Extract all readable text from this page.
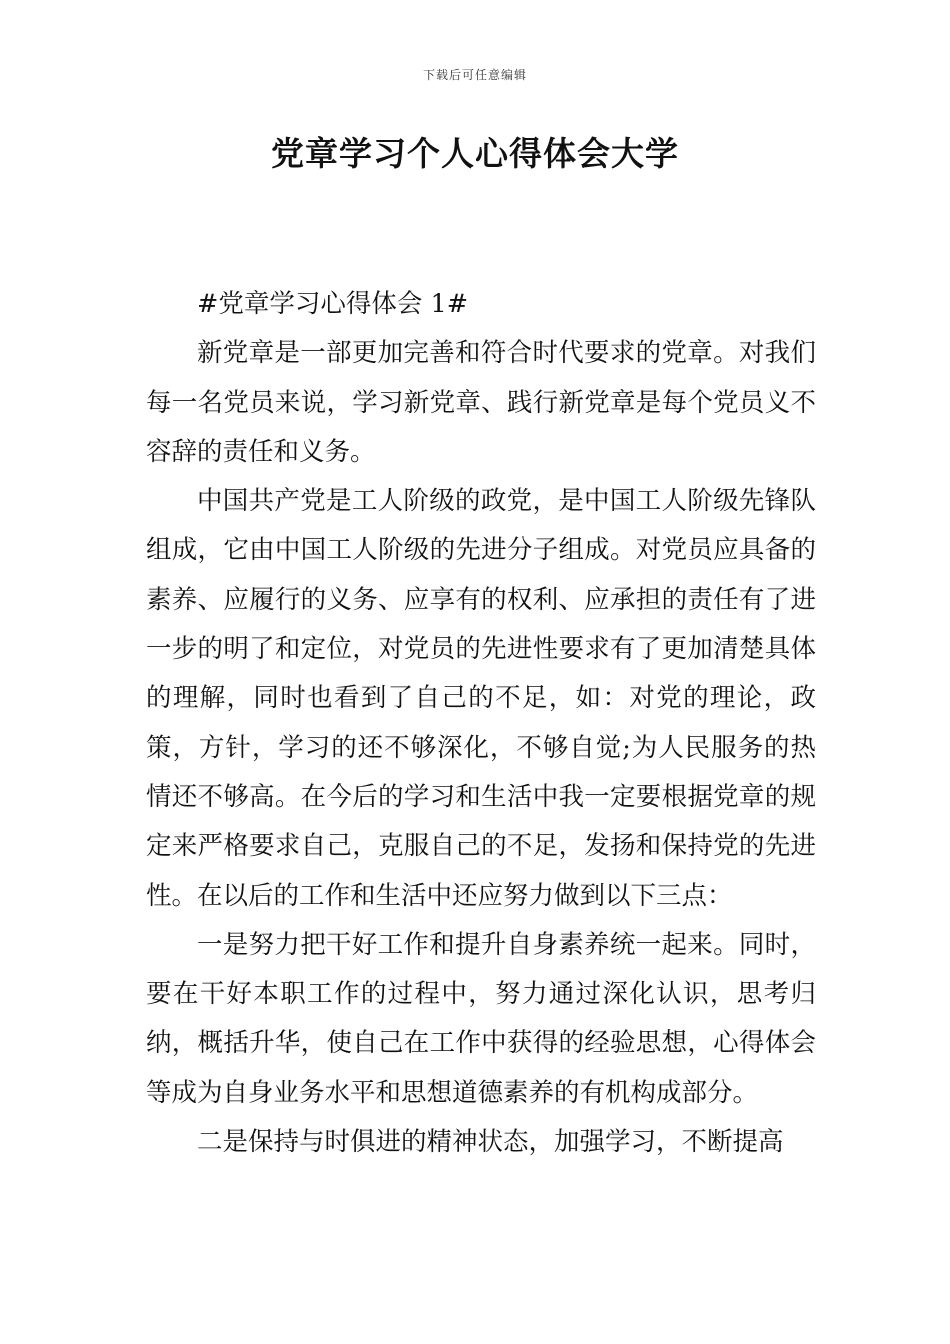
下载后可任意编辑
党章学习个人心得体会大学

#党章学习心得体会 1#

新党章是一部更加完善和符合时代要求的党章。对我们每一名党员来说，学习新党章、践行新党章是每个党员义不容辞的责任和义务。

中国共产党是工人阶级的政党，是中国工人阶级先锋队组成，它由中国工人阶级的先进分子组成。对党员应具备的素养、应履行的义务、应享有的权利、应承担的责任有了进一步的明了和定位，对党员的先进性要求有了更加清楚具体的理解，同时也看到了自己的不足，如：对党的理论，政策，方针，学习的还不够深化，不够自觉;为人民服务的热情还不够高。在今后的学习和生活中我一定要根据党章的规定来严格要求自己，克服自己的不足，发扬和保持党的先进性。在以后的工作和生活中还应努力做到以下三点：

一是努力把干好工作和提升自身素养统一起来。同时，要在干好本职工作的过程中，努力通过深化认识，思考归纳，概括升华，使自己在工作中获得的经验思想，心得体会等成为自身业务水平和思想道德素养的有机构成部分。

二是保持与时俱进的精神状态，加强学习，不断提高
